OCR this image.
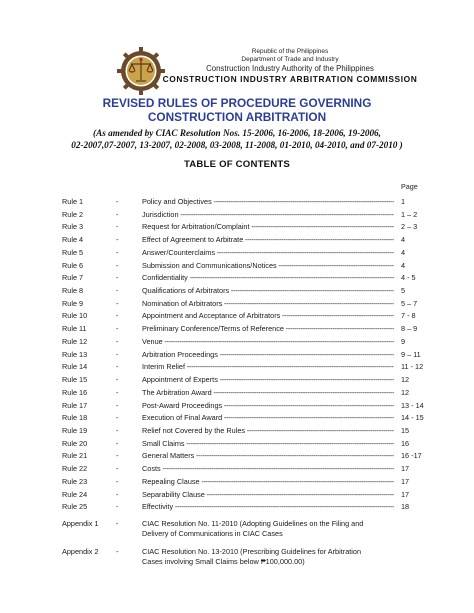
Republic of the Philippines
Department of Trade and Industry
Construction Industry Authority of the Philippines
CONSTRUCTION INDUSTRY ARBITRATION COMMISSION
REVISED RULES OF PROCEDURE GOVERNING
CONSTRUCTION ARBITRATION
(As amended by CIAC Resolution Nos. 15-2006, 16-2006, 18-2006, 19-2006,
02-2007,07-2007, 13-2007, 02-2008, 03-2008, 11-2008, 01-2010, 04-2010, and 07-2010 )
TABLE OF CONTENTS
Page
Rule 1	-	Policy and Objectives -----	1
Rule 2	-	Jurisdiction -----	1 – 2
Rule 3	-	Request for Arbitration/Complaint -----	2 – 3
Rule 4	-	Effect of Agreement to Arbitrate -----	4
Rule 5	-	Answer/Counterclaims -----	4
Rule 6	-	Submission and Communications/Notices -----	4
Rule 7	-	Confidentiality -----	4 - 5
Rule 8	-	Qualifications of Arbitrators -----	5
Rule 9	-	Nomination of Arbitrators -----	5 – 7
Rule 10	-	Appointment and Acceptance of Arbitrators -----	7 - 8
Rule 11	-	Preliminary Conference/Terms of Reference -----	8 – 9
Rule 12	-	Venue -----	9
Rule 13	-	Arbitration Proceedings -----	9 – 11
Rule 14	-	Interim Relief -----	11 - 12
Rule 15	-	Appointment of Experts -----	12
Rule 16	-	The Arbitration Award -----	12
Rule 17	-	Post-Award Proceedings -----	13 - 14
Rule 18	-	Execution of Final Award -----	14 - 15
Rule 19	-	Relief not Covered by the Rules -----	15
Rule 20	-	Small Claims -----	16
Rule 21	-	General Matters -----	16 -17
Rule 22	-	Costs -----	17
Rule 23	-	Repealing Clause -----	17
Rule 24	-	Separability Clause -----	17
Rule 25	-	Effectivity -----	18
Appendix 1 -	CIAC Resolution No. 11-2010 (Adopting Guidelines on the Filing and
Delivery of Communications in CIAC Cases
Appendix 2 -	CIAC Resolution No. 13-2010 (Prescribing Guidelines for Arbitration
Cases involving Small Claims below ₱100,000.00)
